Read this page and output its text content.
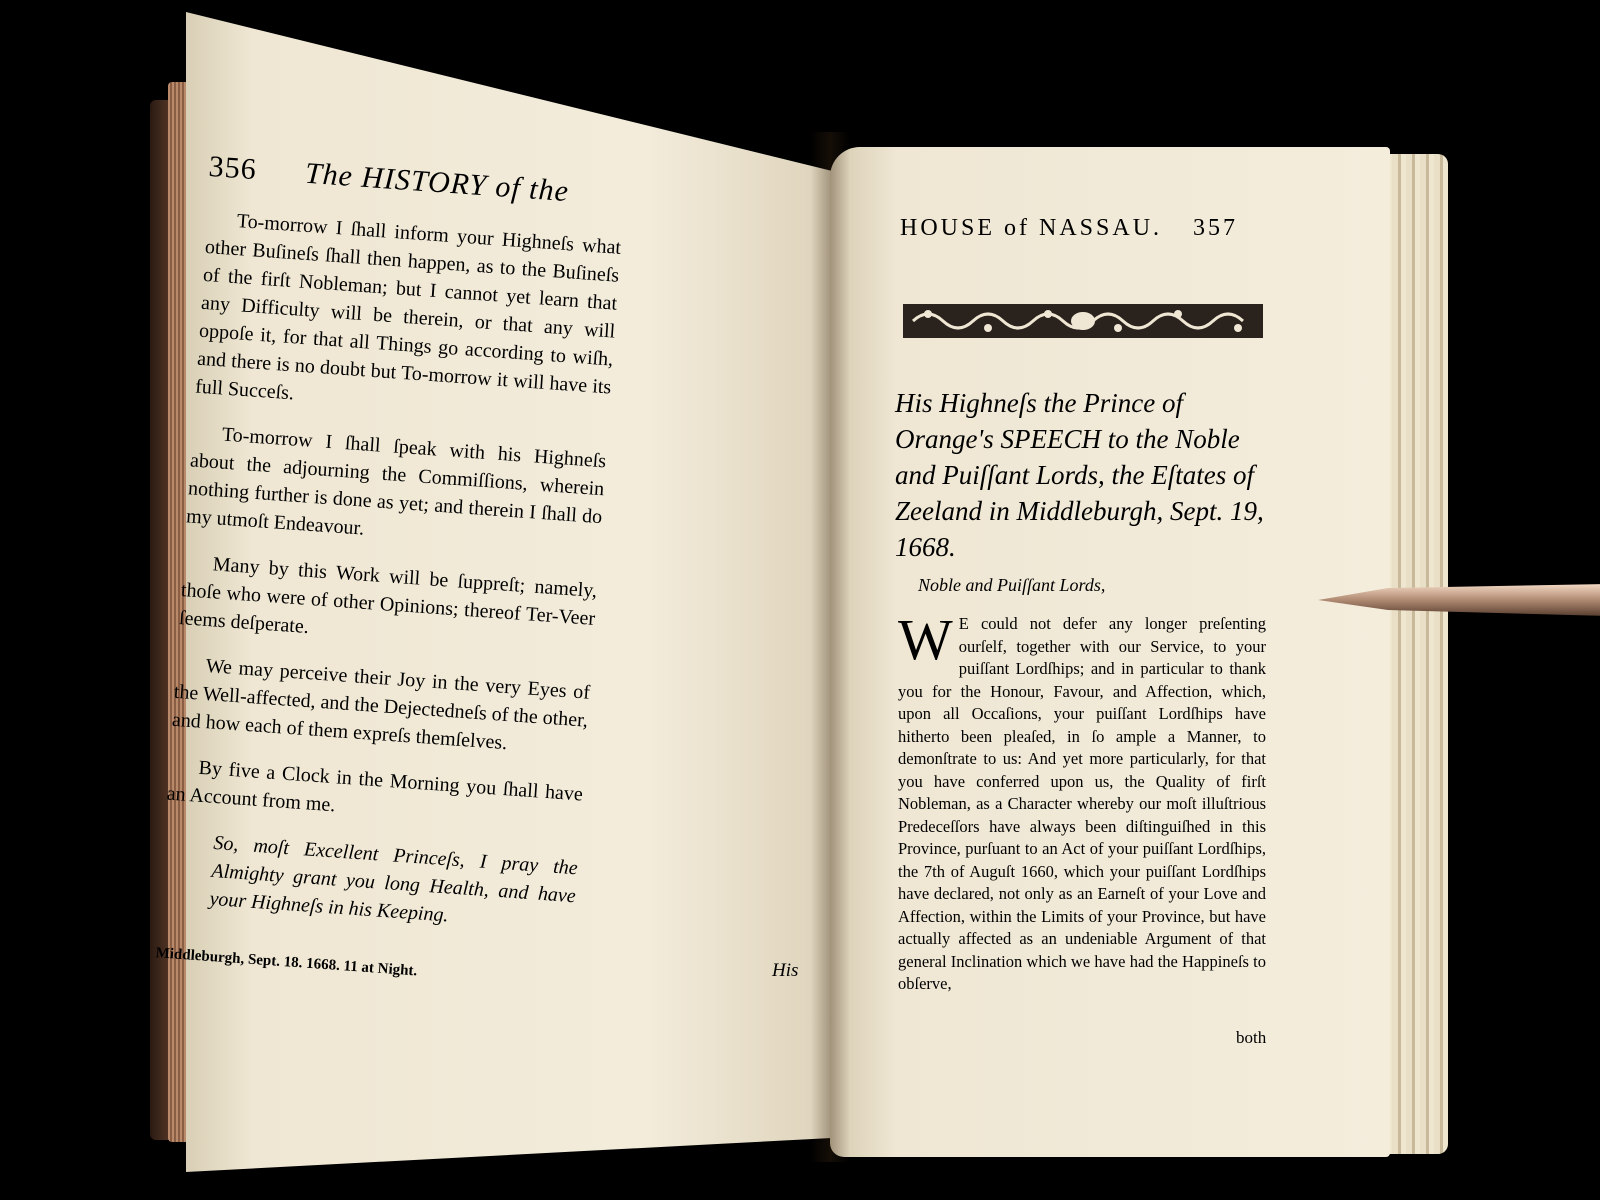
356 The HISTORY of the

To-morrow I ſhall inform your Highneſs what other Buſineſs ſhall then happen, as to the Buſineſs of the firſt Nobleman; but I cannot yet learn that any Difficulty will be therein, or that any will oppoſe it, for that all Things go according to wiſh, and there is no doubt but To-morrow it will have its full Succeſs.

To-morrow I ſhall ſpeak with his Highneſs about the adjourning the Commiſſions, wherein nothing further is done as yet; and therein I ſhall do my utmoſt Endeavour.

Many by this Work will be ſuppreſt; namely, thoſe who were of other Opinions; thereof Ter-Veer ſeems deſperate.

We may perceive their Joy in the very Eyes of the Well-affected, and the Dejectedneſs of the other, and how each of them expreſs themſelves.

By five a Clock in the Morning you ſhall have an Account from me.

So, moſt Excellent Princeſs, I pray the Almighty grant you long Health, and have your Highneſs in his Keeping.

Middleburgh, Sept. 18. 1668. 11 at Night.	His
HOUSE of NASSAU. 357
His Highneſs the Prince of Orange's SPEECH to the Noble and Puiſſant Lords, the Eſtates of Zeeland in Middleburgh, Sept. 19, 1668.
Noble and Puiſſant Lords,
W E could not defer any longer preſenting ourſelf, together with our Service, to your puiſſant Lordſhips; and in particular to thank you for the Honour, Favour, and Affection, which, upon all Occaſions, your puiſſant Lordſhips have hitherto been pleaſed, in ſo ample a Manner, to demonſtrate to us: And yet more particularly, for that you have conferred upon us, the Quality of firſt Nobleman, as a Character whereby our moſt illuſtrious Predeceſſors have always been diſtinguiſhed in this Province, purſuant to an Act of your puiſſant Lordſhips, the 7th of Auguſt 1660, which your puiſſant Lordſhips have declared, not only as an Earneſt of your Love and Affection, within the Limits of your Province, but have actually affected as an undeniable Argument of that general Inclination which we have had the Happineſs to obſerve,
both
